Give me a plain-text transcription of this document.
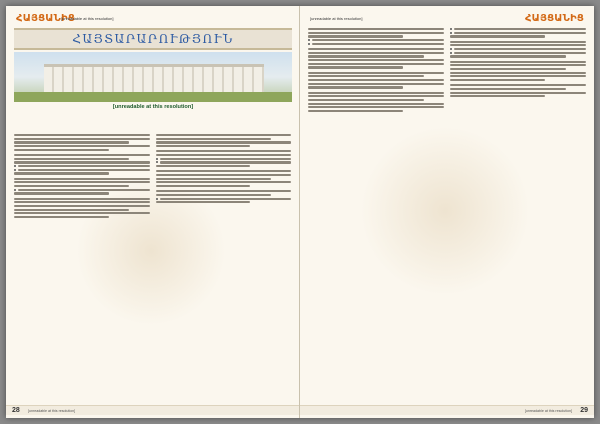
ՀԱՅՑԱՆԻՑ
[unreadable at this resolution]
ՀԱՅՏԱՐԱՐՈՒԹՅՈՒՆ
[unreadable at this resolution]
28 [unreadable at this resolution]
[unreadable at this resolution]	ՀԱՅՑԱՆԻՑ
[unreadable at this resolution] 29
